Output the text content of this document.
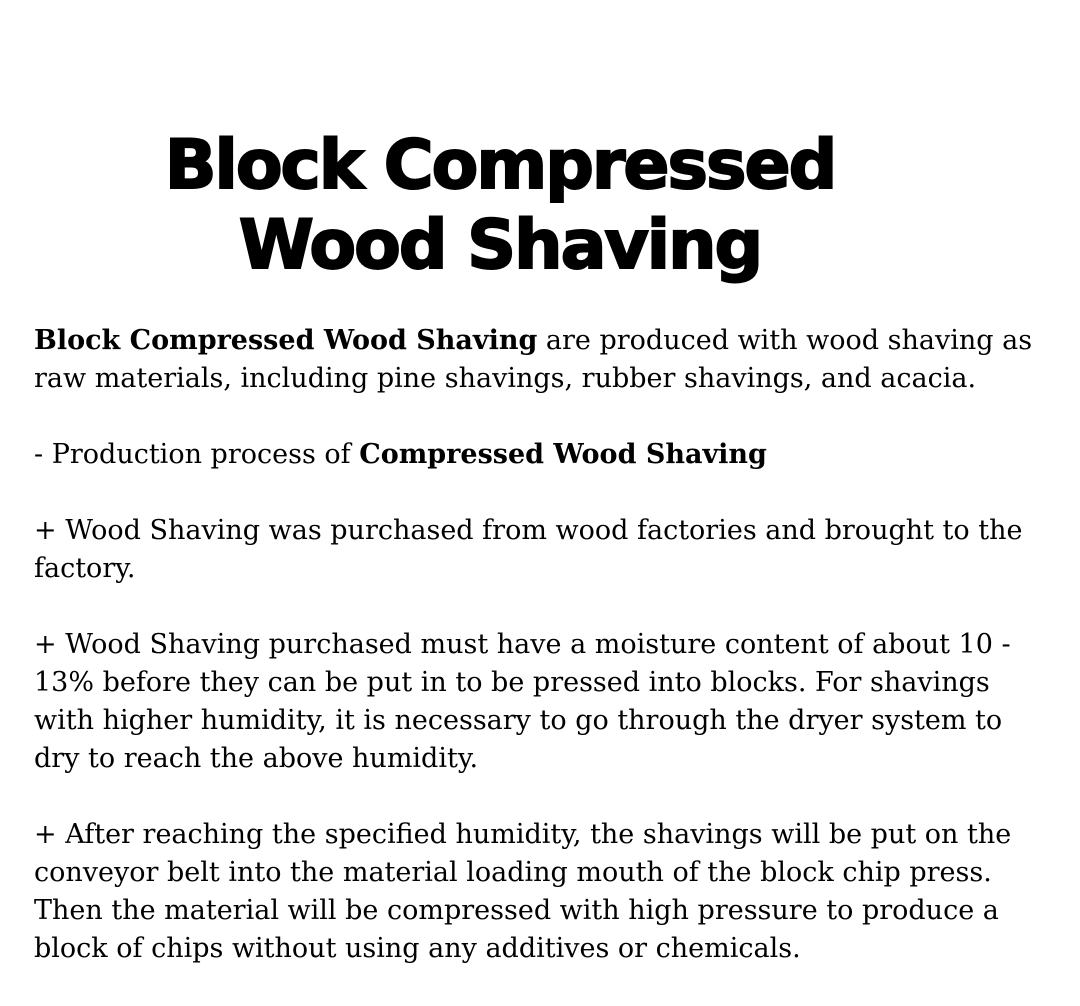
Block Compressed
Wood Shaving

Block Compressed Wood Shaving are produced with wood shaving as raw materials, including pine shavings, rubber shavings, and acacia.

- Production process of Compressed Wood Shaving

+ Wood Shaving was purchased from wood factories and brought to the factory.

+ Wood Shaving purchased must have a moisture content of about 10 - 13% before they can be put in to be pressed into blocks. For shavings with higher humidity, it is necessary to go through the dryer system to dry to reach the above humidity.

+ After reaching the specified humidity, the shavings will be put on the conveyor belt into the material loading mouth of the block chip press. Then the material will be compressed with high pressure to produce a block of chips without using any additives or chemicals.
